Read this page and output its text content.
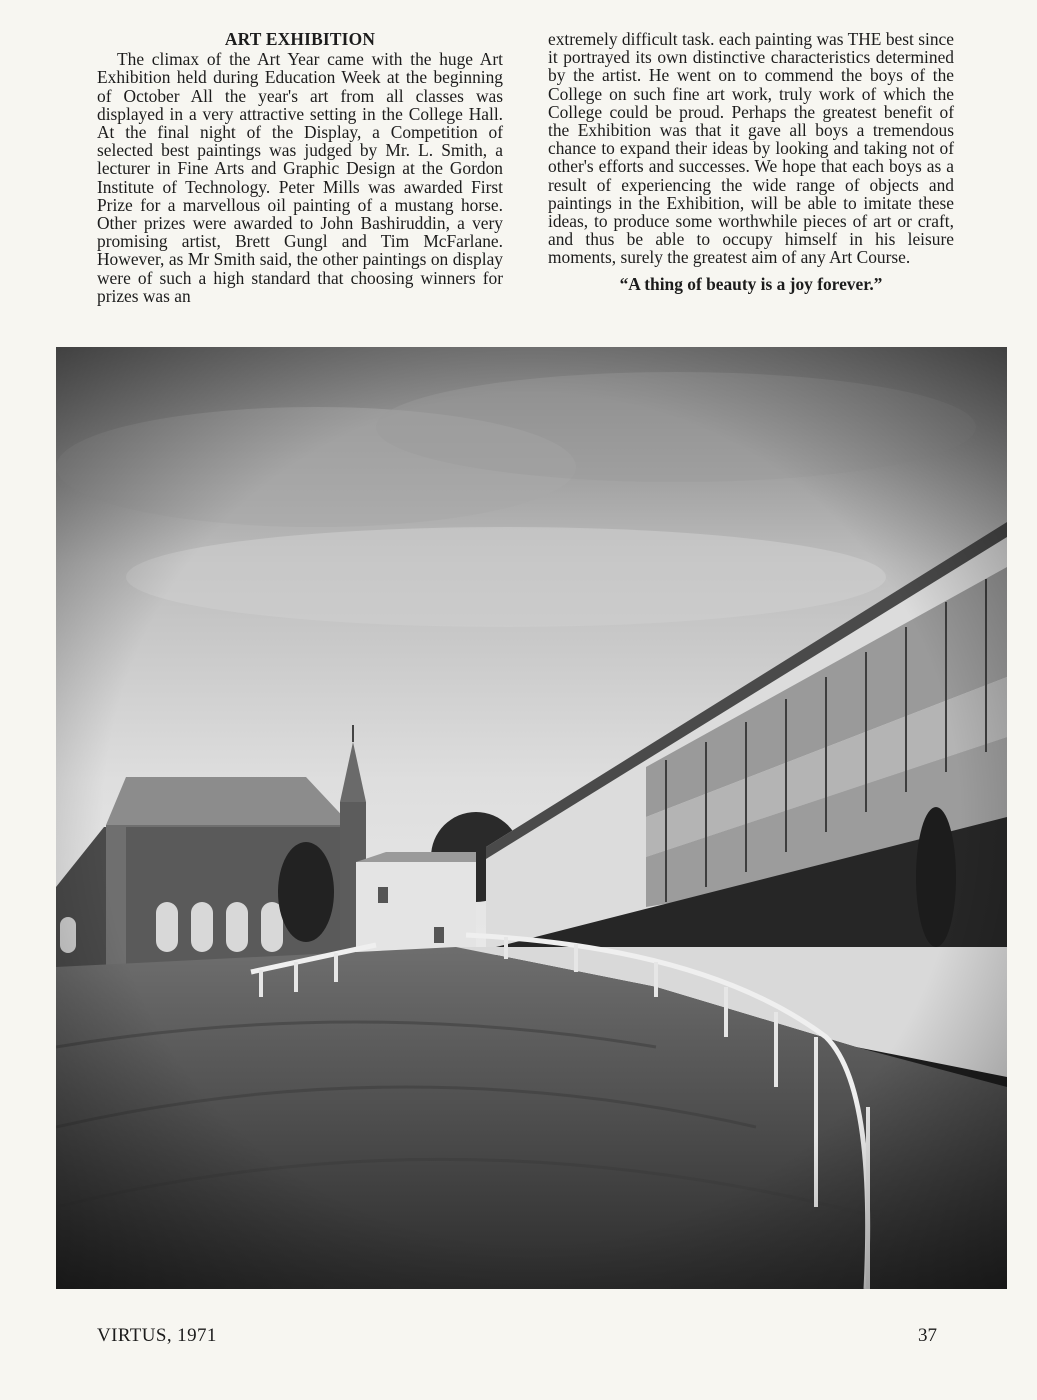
ART EXHIBITION

The climax of the Art Year came with the huge Art Exhibition held during Education Week at the beginning of October All the year's art from all classes was displayed in a very attractive setting in the College Hall. At the final night of the Display, a Competition of selected best paintings was judged by Mr. L. Smith, a lecturer in Fine Arts and Graphic Design at the Gordon Institute of Technology. Peter Mills was awarded First Prize for a marvellous oil painting of a mustang horse. Other prizes were awarded to John Bashiruddin, a very promising artist, Brett Gungl and Tim McFarlane. However, as Mr Smith said, the other paintings on display were of such a high standard that choosing winners for prizes was an

extremely difficult task. each painting was THE best since it portrayed its own distinctive characteristics determined by the artist. He went on to commend the boys of the College on such fine art work, truly work of which the College could be proud. Perhaps the greatest benefit of the Exhibition was that it gave all boys a tremendous chance to expand their ideas by looking and taking not of other's efforts and successes. We hope that each boys as a result of experiencing the wide range of objects and paintings in the Exhibition, will be able to imitate these ideas, to produce some worthwhile pieces of art or craft, and thus be able to occupy himself in his leisure moments, surely the greatest aim of any Art Course.

“A thing of beauty is a joy forever.”

VIRTUS, 1971	37
